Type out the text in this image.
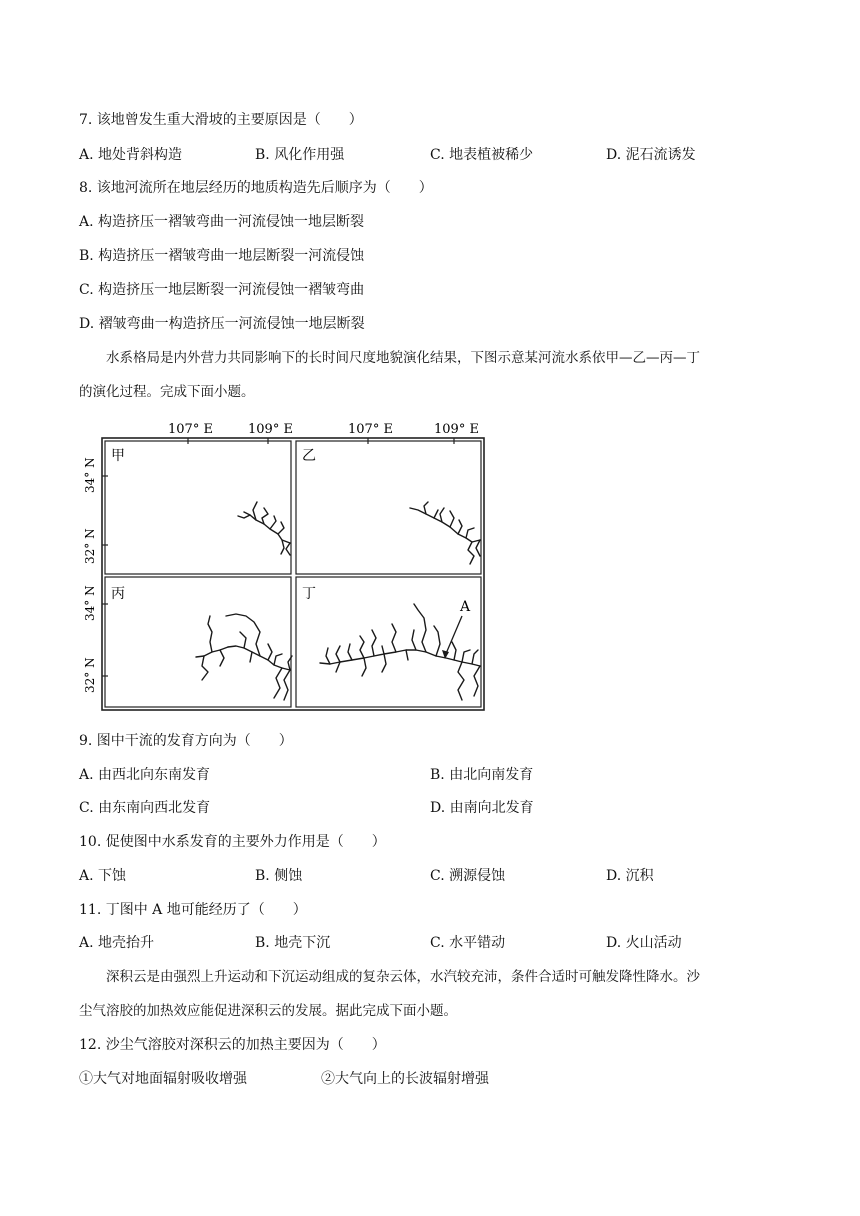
7. 该地曾发生重大滑坡的主要原因是（　　）
A. 地处背斜构造	B. 风化作用强	C. 地表植被稀少	D. 泥石流诱发
8. 该地河流所在地层经历的地质构造先后顺序为（　　）
A. 构造挤压一褶皱弯曲一河流侵蚀一地层断裂
B. 构造挤压一褶皱弯曲一地层断裂一河流侵蚀
C. 构造挤压一地层断裂一河流侵蚀一褶皱弯曲
D. 褶皱弯曲一构造挤压一河流侵蚀一地层断裂
水系格局是内外营力共同影响下的长时间尺度地貌演化结果，下图示意某河流水系依甲—乙—丙—丁
的演化过程。完成下面小题。
107° E	109° E	107° E	109° E
34° N
32° N
34° N
32° N
甲	乙
丙	丁
A
9. 图中干流的发育方向为（　　）
A. 由西北向东南发育	B. 由北向南发育
C. 由东南向西北发育	D. 由南向北发育
10. 促使图中水系发育的主要外力作用是（　　）
A. 下蚀	B. 侧蚀	C. 溯源侵蚀	D. 沉积
11. 丁图中 A 地可能经历了（　　）
A. 地壳抬升	B. 地壳下沉	C. 水平错动	D. 火山活动
深积云是由强烈上升运动和下沉运动组成的复杂云体，水汽较充沛，条件合适时可触发降性降水。沙
尘气溶胶的加热效应能促进深积云的发展。据此完成下面小题。
12. 沙尘气溶胶对深积云的加热主要因为（　　）
①大气对地面辐射吸收增强	②大气向上的长波辐射增强
